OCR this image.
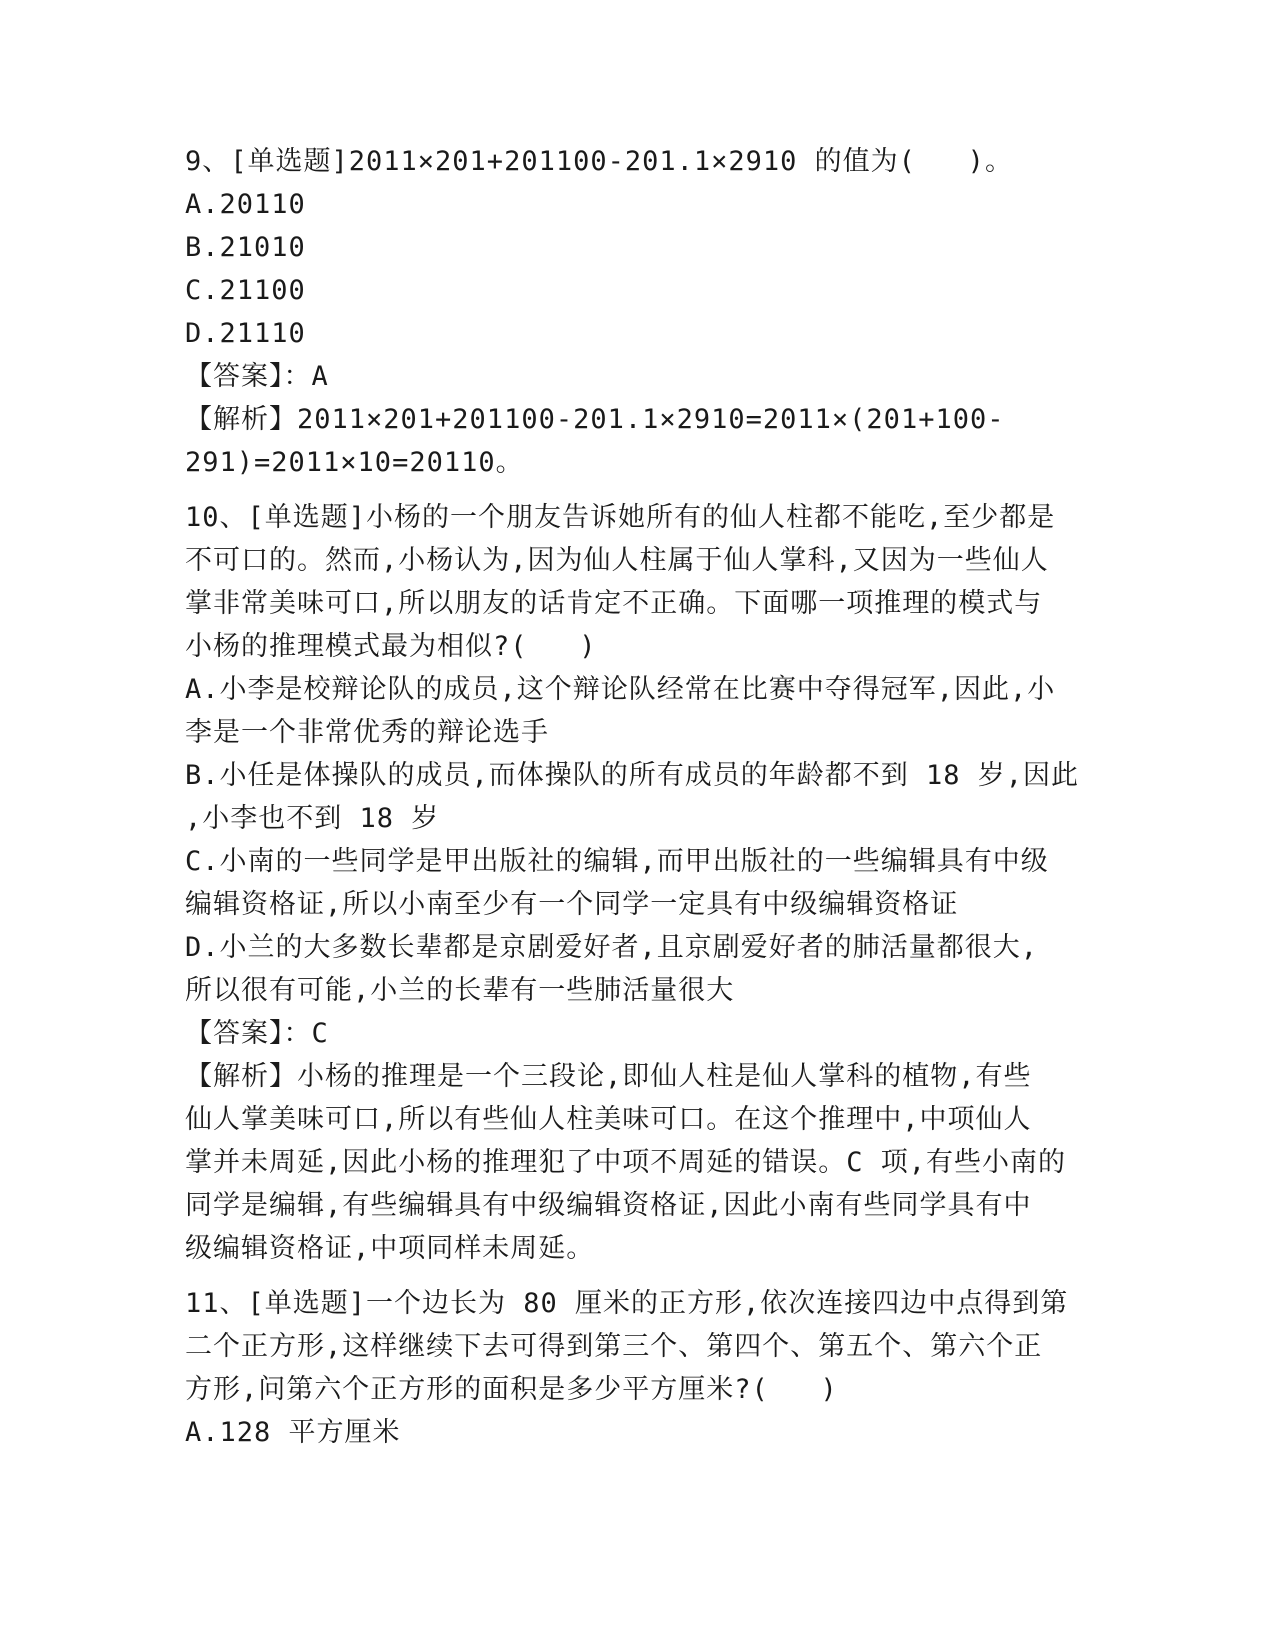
9、[单选题]2011×201+201100-201.1×2910 的值为(   )。
A.20110
B.21010
C.21100
D.21110
【答案】：A
【解析】2011×201+201100-201.1×2910=2011×(201+100-
291)=2011×10=20110。
10、[单选题]小杨的一个朋友告诉她所有的仙人柱都不能吃,至少都是
不可口的。然而,小杨认为,因为仙人柱属于仙人掌科,又因为一些仙人
掌非常美味可口,所以朋友的话肯定不正确。下面哪一项推理的模式与
小杨的推理模式最为相似?(   )
A.小李是校辩论队的成员,这个辩论队经常在比赛中夺得冠军,因此,小
李是一个非常优秀的辩论选手
B.小任是体操队的成员,而体操队的所有成员的年龄都不到 18 岁,因此
,小李也不到 18 岁
C.小南的一些同学是甲出版社的编辑,而甲出版社的一些编辑具有中级
编辑资格证,所以小南至少有一个同学一定具有中级编辑资格证
D.小兰的大多数长辈都是京剧爱好者,且京剧爱好者的肺活量都很大,
所以很有可能,小兰的长辈有一些肺活量很大
【答案】：C
【解析】小杨的推理是一个三段论,即仙人柱是仙人掌科的植物,有些
仙人掌美味可口,所以有些仙人柱美味可口。在这个推理中,中项仙人
掌并未周延,因此小杨的推理犯了中项不周延的错误。C 项,有些小南的
同学是编辑,有些编辑具有中级编辑资格证,因此小南有些同学具有中
级编辑资格证,中项同样未周延。
11、[单选题]一个边长为 80 厘米的正方形,依次连接四边中点得到第
二个正方形,这样继续下去可得到第三个、第四个、第五个、第六个正
方形,问第六个正方形的面积是多少平方厘米?(   )
A.128 平方厘米
